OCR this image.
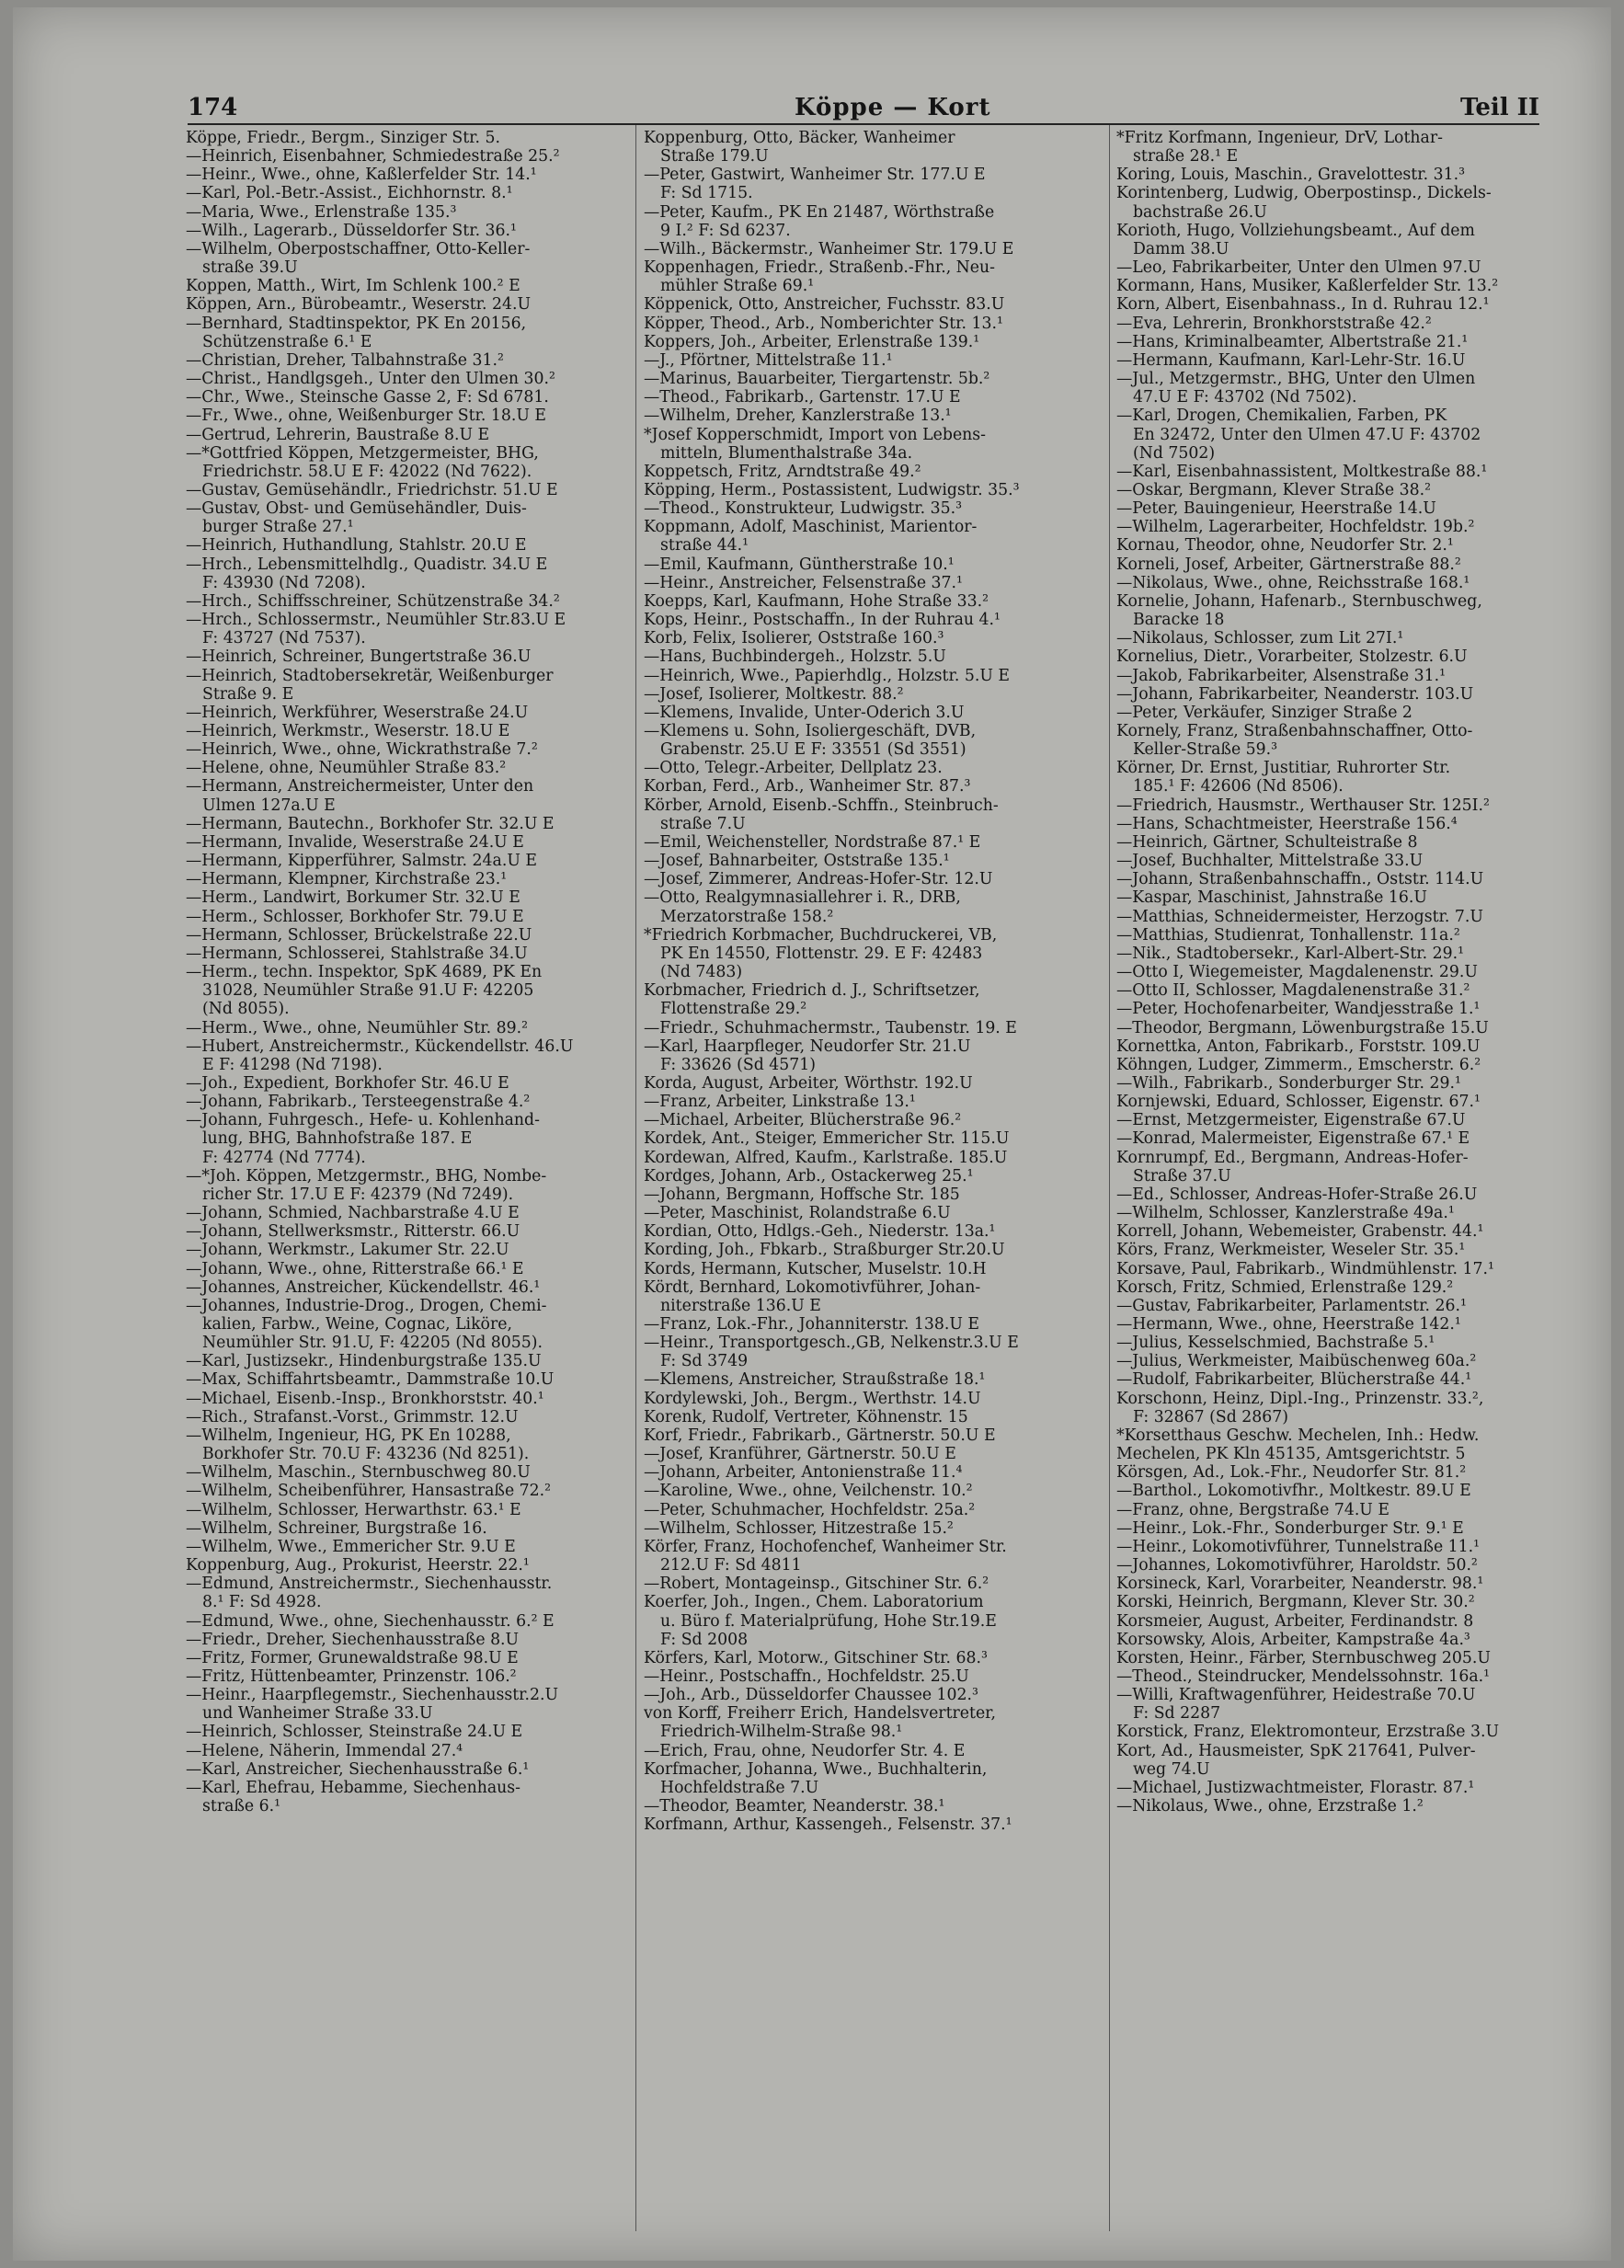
174	Köppe — Kort	Teil II
Köppe, Friedr., Bergm., Sinziger Str. 5.
—Heinrich, Eisenbahner, Schmiedestraße 25.²
—Heinr., Wwe., ohne, Kaßlerfelder Str. 14.¹
—Karl, Pol.-Betr.-Assist., Eichhornstr. 8.¹
—Maria, Wwe., Erlenstraße 135.³
—Wilh., Lagerarb., Düsseldorfer Str. 36.¹
—Wilhelm, Oberpostschaffner, Otto-Keller-
straße 39.U
Koppen, Matth., Wirt, Im Schlenk 100.² E
Köppen, Arn., Bürobeamtr., Weserstr. 24.U
—Bernhard, Stadtinspektor, PK En 20156,
Schützenstraße 6.¹ E
—Christian, Dreher, Talbahnstraße 31.²
—Christ., Handlgsgeh., Unter den Ulmen 30.²
—Chr., Wwe., Steinsche Gasse 2, F: Sd 6781.
—Fr., Wwe., ohne, Weißenburger Str. 18.U E
—Gertrud, Lehrerin, Baustraße 8.U E
—*Gottfried Köppen, Metzgermeister, BHG,
Friedrichstr. 58.U E F: 42022 (Nd 7622).
—Gustav, Gemüsehändlr., Friedrichstr. 51.U E
—Gustav, Obst- und Gemüsehändler, Duis-
burger Straße 27.¹
—Heinrich, Huthandlung, Stahlstr. 20.U E
—Hrch., Lebensmittelhdlg., Quadistr. 34.U E
F: 43930 (Nd 7208).
—Hrch., Schiffsschreiner, Schützenstraße 34.²
—Hrch., Schlossermstr., Neumühler Str.83.U E
F: 43727 (Nd 7537).
—Heinrich, Schreiner, Bungertstraße 36.U
—Heinrich, Stadtobersekretär, Weißenburger
Straße 9. E
—Heinrich, Werkführer, Weserstraße 24.U
—Heinrich, Werkmstr., Weserstr. 18.U E
—Heinrich, Wwe., ohne, Wickrathstraße 7.²
—Helene, ohne, Neumühler Straße 83.²
—Hermann, Anstreichermeister, Unter den
Ulmen 127a.U E
—Hermann, Bautechn., Borkhofer Str. 32.U E
—Hermann, Invalide, Weserstraße 24.U E
—Hermann, Kipperführer, Salmstr. 24a.U E
—Hermann, Klempner, Kirchstraße 23.¹
—Herm., Landwirt, Borkumer Str. 32.U E
—Herm., Schlosser, Borkhofer Str. 79.U E
—Hermann, Schlosser, Brückelstraße 22.U
—Hermann, Schlosserei, Stahlstraße 34.U
—Herm., techn. Inspektor, SpK 4689, PK En
31028, Neumühler Straße 91.U F: 42205
(Nd 8055).
—Herm., Wwe., ohne, Neumühler Str. 89.²
—Hubert, Anstreichermstr., Kückendellstr. 46.U
E F: 41298 (Nd 7198).
—Joh., Expedient, Borkhofer Str. 46.U E
—Johann, Fabrikarb., Tersteegenstraße 4.²
—Johann, Fuhrgesch., Hefe- u. Kohlenhand-
lung, BHG, Bahnhofstraße 187. E
F: 42774 (Nd 7774).
—*Joh. Köppen, Metzgermstr., BHG, Nombe-
richer Str. 17.U E F: 42379 (Nd 7249).
—Johann, Schmied, Nachbarstraße 4.U E
—Johann, Stellwerksmstr., Ritterstr. 66.U
—Johann, Werkmstr., Lakumer Str. 22.U
—Johann, Wwe., ohne, Ritterstraße 66.¹ E
—Johannes, Anstreicher, Kückendellstr. 46.¹
—Johannes, Industrie-Drog., Drogen, Chemi-
kalien, Farbw., Weine, Cognac, Liköre,
Neumühler Str. 91.U, F: 42205 (Nd 8055).
—Karl, Justizsekr., Hindenburgstraße 135.U
—Max, Schiffahrtsbeamtr., Dammstraße 10.U
—Michael, Eisenb.-Insp., Bronkhorststr. 40.¹
—Rich., Strafanst.-Vorst., Grimmstr. 12.U
—Wilhelm, Ingenieur, HG, PK En 10288,
Borkhofer Str. 70.U F: 43236 (Nd 8251).
—Wilhelm, Maschin., Sternbuschweg 80.U
—Wilhelm, Scheibenführer, Hansastraße 72.²
—Wilhelm, Schlosser, Herwarthstr. 63.¹ E
—Wilhelm, Schreiner, Burgstraße 16.
—Wilhelm, Wwe., Emmericher Str. 9.U E
Koppenburg, Aug., Prokurist, Heerstr. 22.¹
—Edmund, Anstreichermstr., Siechenhausstr.
8.¹ F: Sd 4928.
—Edmund, Wwe., ohne, Siechenhausstr. 6.² E
—Friedr., Dreher, Siechenhausstraße 8.U
—Fritz, Former, Grunewaldstraße 98.U E
—Fritz, Hüttenbeamter, Prinzenstr. 106.²
—Heinr., Haarpflegemstr., Siechenhausstr.2.U
und Wanheimer Straße 33.U
—Heinrich, Schlosser, Steinstraße 24.U E
—Helene, Näherin, Immendal 27.⁴
—Karl, Anstreicher, Siechenhausstraße 6.¹
—Karl, Ehefrau, Hebamme, Siechenhaus-
straße 6.¹
Koppenburg, Otto, Bäcker, Wanheimer
Straße 179.U
—Peter, Gastwirt, Wanheimer Str. 177.U E
F: Sd 1715.
—Peter, Kaufm., PK En 21487, Wörthstraße
9 I.² F: Sd 6237.
—Wilh., Bäckermstr., Wanheimer Str. 179.U E
Koppenhagen, Friedr., Straßenb.-Fhr., Neu-
mühler Straße 69.¹
Köppenick, Otto, Anstreicher, Fuchsstr. 83.U
Köpper, Theod., Arb., Nomberichter Str. 13.¹
Koppers, Joh., Arbeiter, Erlenstraße 139.¹
—J., Pförtner, Mittelstraße 11.¹
—Marinus, Bauarbeiter, Tiergartenstr. 5b.²
—Theod., Fabrikarb., Gartenstr. 17.U E
—Wilhelm, Dreher, Kanzlerstraße 13.¹
*Josef Kopperschmidt, Import von Lebens-
mitteln, Blumenthalstraße 34a.
Koppetsch, Fritz, Arndtstraße 49.²
Köpping, Herm., Postassistent, Ludwigstr. 35.³
—Theod., Konstrukteur, Ludwigstr. 35.³
Koppmann, Adolf, Maschinist, Marientor-
straße 44.¹
—Emil, Kaufmann, Güntherstraße 10.¹
—Heinr., Anstreicher, Felsenstraße 37.¹
Koepps, Karl, Kaufmann, Hohe Straße 33.²
Kops, Heinr., Postschaffn., In der Ruhrau 4.¹
Korb, Felix, Isolierer, Oststraße 160.³
—Hans, Buchbindergeh., Holzstr. 5.U
—Heinrich, Wwe., Papierhdlg., Holzstr. 5.U E
—Josef, Isolierer, Moltkestr. 88.²
—Klemens, Invalide, Unter-Oderich 3.U
—Klemens u. Sohn, Isoliergeschäft, DVB,
Grabenstr. 25.U E F: 33551 (Sd 3551)
—Otto, Telegr.-Arbeiter, Dellplatz 23.
Korban, Ferd., Arb., Wanheimer Str. 87.³
Körber, Arnold, Eisenb.-Schffn., Steinbruch-
straße 7.U
—Emil, Weichensteller, Nordstraße 87.¹ E
—Josef, Bahnarbeiter, Oststraße 135.¹
—Josef, Zimmerer, Andreas-Hofer-Str. 12.U
—Otto, Realgymnasiallehrer i. R., DRB,
Merzatorstraße 158.²
*Friedrich Korbmacher, Buchdruckerei, VB,
PK En 14550, Flottenstr. 29. E F: 42483
(Nd 7483)
Korbmacher, Friedrich d. J., Schriftsetzer,
Flottenstraße 29.²
—Friedr., Schuhmachermstr., Taubenstr. 19. E
—Karl, Haarpfleger, Neudorfer Str. 21.U
F: 33626 (Sd 4571)
Korda, August, Arbeiter, Wörthstr. 192.U
—Franz, Arbeiter, Linkstraße 13.¹
—Michael, Arbeiter, Blücherstraße 96.²
Kordek, Ant., Steiger, Emmericher Str. 115.U
Kordewan, Alfred, Kaufm., Karlstraße. 185.U
Kordges, Johann, Arb., Ostackerweg 25.¹
—Johann, Bergmann, Hoffsche Str. 185
—Peter, Maschinist, Rolandstraße 6.U
Kordian, Otto, Hdlgs.-Geh., Niederstr. 13a.¹
Kording, Joh., Fbkarb., Straßburger Str.20.U
Kords, Hermann, Kutscher, Muselstr. 10.H
Kördt, Bernhard, Lokomotivführer, Johan-
niterstraße 136.U E
—Franz, Lok.-Fhr., Johanniterstr. 138.U E
—Heinr., Transportgesch.,GB, Nelkenstr.3.U E
F: Sd 3749
—Klemens, Anstreicher, Straußstraße 18.¹
Kordylewski, Joh., Bergm., Werthstr. 14.U
Korenk, Rudolf, Vertreter, Köhnenstr. 15
Korf, Friedr., Fabrikarb., Gärtnerstr. 50.U E
—Josef, Kranführer, Gärtnerstr. 50.U E
—Johann, Arbeiter, Antonienstraße 11.⁴
—Karoline, Wwe., ohne, Veilchenstr. 10.²
—Peter, Schuhmacher, Hochfeldstr. 25a.²
—Wilhelm, Schlosser, Hitzestraße 15.²
Körfer, Franz, Hochofenchef, Wanheimer Str.
212.U F: Sd 4811
—Robert, Montageinsp., Gitschiner Str. 6.²
Koerfer, Joh., Ingen., Chem. Laboratorium
u. Büro f. Materialprüfung, Hohe Str.19.E
F: Sd 2008
Körfers, Karl, Motorw., Gitschiner Str. 68.³
—Heinr., Postschaffn., Hochfeldstr. 25.U
—Joh., Arb., Düsseldorfer Chaussee 102.³
von Korff, Freiherr Erich, Handelsvertreter,
Friedrich-Wilhelm-Straße 98.¹
—Erich, Frau, ohne, Neudorfer Str. 4. E
Korfmacher, Johanna, Wwe., Buchhalterin,
Hochfeldstraße 7.U
—Theodor, Beamter, Neanderstr. 38.¹
Korfmann, Arthur, Kassengeh., Felsenstr. 37.¹
*Fritz Korfmann, Ingenieur, DrV, Lothar-
straße 28.¹ E
Koring, Louis, Maschin., Gravelottestr. 31.³
Korintenberg, Ludwig, Oberpostinsp., Dickels-
bachstraße 26.U
Korioth, Hugo, Vollziehungsbeamt., Auf dem
Damm 38.U
—Leo, Fabrikarbeiter, Unter den Ulmen 97.U
Kormann, Hans, Musiker, Kaßlerfelder Str. 13.²
Korn, Albert, Eisenbahnass., In d. Ruhrau 12.¹
—Eva, Lehrerin, Bronkhorststraße 42.²
—Hans, Kriminalbeamter, Albertstraße 21.¹
—Hermann, Kaufmann, Karl-Lehr-Str. 16.U
—Jul., Metzgermstr., BHG, Unter den Ulmen
47.U E F: 43702 (Nd 7502).
—Karl, Drogen, Chemikalien, Farben, PK
En 32472, Unter den Ulmen 47.U F: 43702
(Nd 7502)
—Karl, Eisenbahnassistent, Moltkestraße 88.¹
—Oskar, Bergmann, Klever Straße 38.²
—Peter, Bauingenieur, Heerstraße 14.U
—Wilhelm, Lagerarbeiter, Hochfeldstr. 19b.²
Kornau, Theodor, ohne, Neudorfer Str. 2.¹
Korneli, Josef, Arbeiter, Gärtnerstraße 88.²
—Nikolaus, Wwe., ohne, Reichsstraße 168.¹
Kornelie, Johann, Hafenarb., Sternbuschweg,
Baracke 18
—Nikolaus, Schlosser, zum Lit 27I.¹
Kornelius, Dietr., Vorarbeiter, Stolzestr. 6.U
—Jakob, Fabrikarbeiter, Alsenstraße 31.¹
—Johann, Fabrikarbeiter, Neanderstr. 103.U
—Peter, Verkäufer, Sinziger Straße 2
Kornely, Franz, Straßenbahnschaffner, Otto-
Keller-Straße 59.³
Körner, Dr. Ernst, Justitiar, Ruhrorter Str.
185.¹ F: 42606 (Nd 8506).
—Friedrich, Hausmstr., Werthauser Str. 125I.²
—Hans, Schachtmeister, Heerstraße 156.⁴
—Heinrich, Gärtner, Schulteistraße 8
—Josef, Buchhalter, Mittelstraße 33.U
—Johann, Straßenbahnschaffn., Oststr. 114.U
—Kaspar, Maschinist, Jahnstraße 16.U
—Matthias, Schneidermeister, Herzogstr. 7.U
—Matthias, Studienrat, Tonhallenstr. 11a.²
—Nik., Stadtobersekr., Karl-Albert-Str. 29.¹
—Otto I, Wiegemeister, Magdalenenstr. 29.U
—Otto II, Schlosser, Magdalenenstraße 31.²
—Peter, Hochofenarbeiter, Wandjesstraße 1.¹
—Theodor, Bergmann, Löwenburgstraße 15.U
Kornettka, Anton, Fabrikarb., Forststr. 109.U
Köhngen, Ludger, Zimmerm., Emscherstr. 6.²
—Wilh., Fabrikarb., Sonderburger Str. 29.¹
Kornjewski, Eduard, Schlosser, Eigenstr. 67.¹
—Ernst, Metzgermeister, Eigenstraße 67.U
—Konrad, Malermeister, Eigenstraße 67.¹ E
Kornrumpf, Ed., Bergmann, Andreas-Hofer-
Straße 37.U
—Ed., Schlosser, Andreas-Hofer-Straße 26.U
—Wilhelm, Schlosser, Kanzlerstraße 49a.¹
Korrell, Johann, Webemeister, Grabenstr. 44.¹
Körs, Franz, Werkmeister, Weseler Str. 35.¹
Korsave, Paul, Fabrikarb., Windmühlenstr. 17.¹
Korsch, Fritz, Schmied, Erlenstraße 129.²
—Gustav, Fabrikarbeiter, Parlamentstr. 26.¹
—Hermann, Wwe., ohne, Heerstraße 142.¹
—Julius, Kesselschmied, Bachstraße 5.¹
—Julius, Werkmeister, Maibüschenweg 60a.²
—Rudolf, Fabrikarbeiter, Blücherstraße 44.¹
Korschonn, Heinz, Dipl.-Ing., Prinzenstr. 33.²,
F: 32867 (Sd 2867)
*Korsetthaus Geschw. Mechelen, Inh.: Hedw.
Mechelen, PK Kln 45135, Amtsgerichtstr. 5
Körsgen, Ad., Lok.-Fhr., Neudorfer Str. 81.²
—Barthol., Lokomotivfhr., Moltkestr. 89.U E
—Franz, ohne, Bergstraße 74.U E
—Heinr., Lok.-Fhr., Sonderburger Str. 9.¹ E
—Heinr., Lokomotivführer, Tunnelstraße 11.¹
—Johannes, Lokomotivführer, Haroldstr. 50.²
Korsineck, Karl, Vorarbeiter, Neanderstr. 98.¹
Korski, Heinrich, Bergmann, Klever Str. 30.²
Korsmeier, August, Arbeiter, Ferdinandstr. 8
Korsowsky, Alois, Arbeiter, Kampstraße 4a.³
Korsten, Heinr., Färber, Sternbuschweg 205.U
—Theod., Steindrucker, Mendelssohnstr. 16a.¹
—Willi, Kraftwagenführer, Heidestraße 70.U
F: Sd 2287
Korstick, Franz, Elektromonteur, Erzstraße 3.U
Kort, Ad., Hausmeister, SpK 217641, Pulver-
weg 74.U
—Michael, Justizwachtmeister, Florastr. 87.¹
—Nikolaus, Wwe., ohne, Erzstraße 1.²
